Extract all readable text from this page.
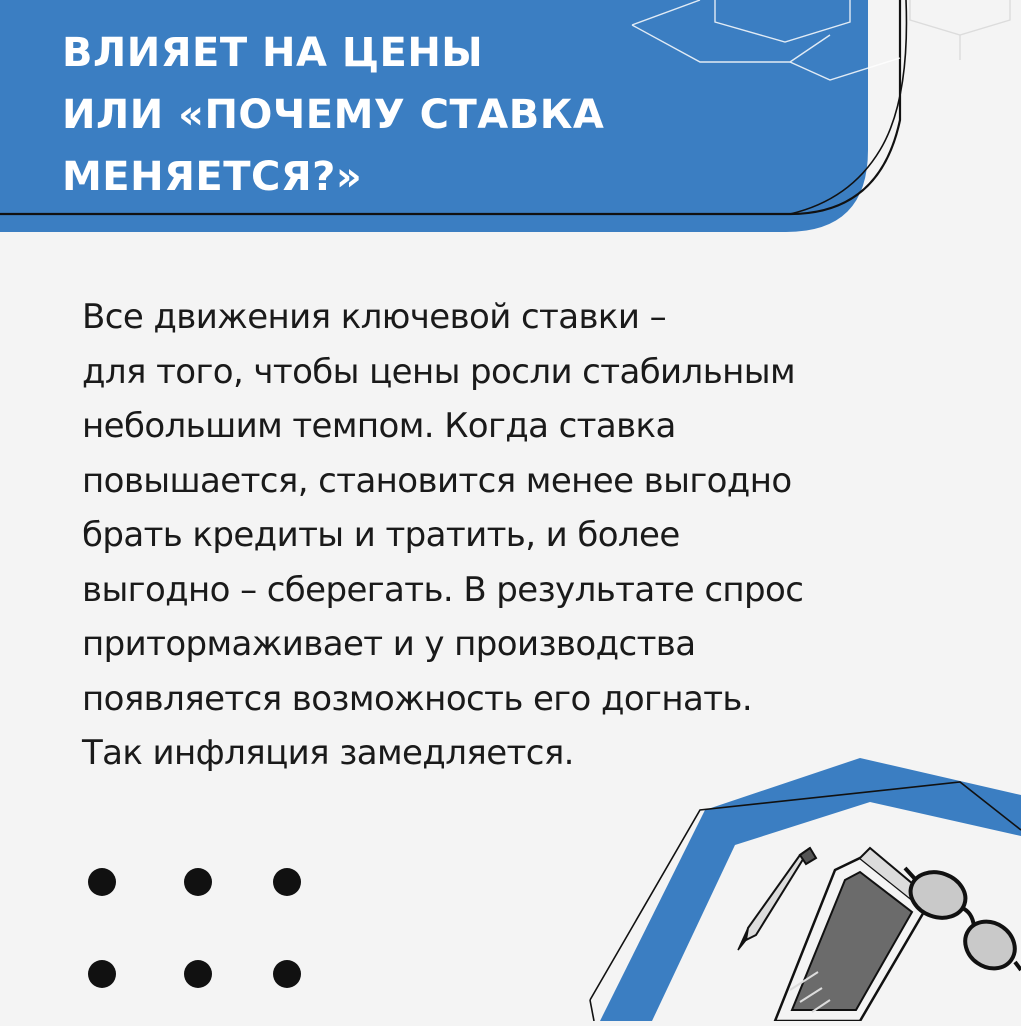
ВЛИЯЕТ НА ЦЕНЫ
ИЛИ «ПОЧЕМУ СТАВКА
МЕНЯЕТСЯ?»

Все движения ключевой ставки –
для того, чтобы цены росли стабильным
небольшим темпом. Когда ставка
повышается, становится менее выгодно
брать кредиты и тратить, и более
выгодно – сберегать. В результате спрос
притормаживает и у производства
появляется возможность его догнать.
Так инфляция замедляется.
